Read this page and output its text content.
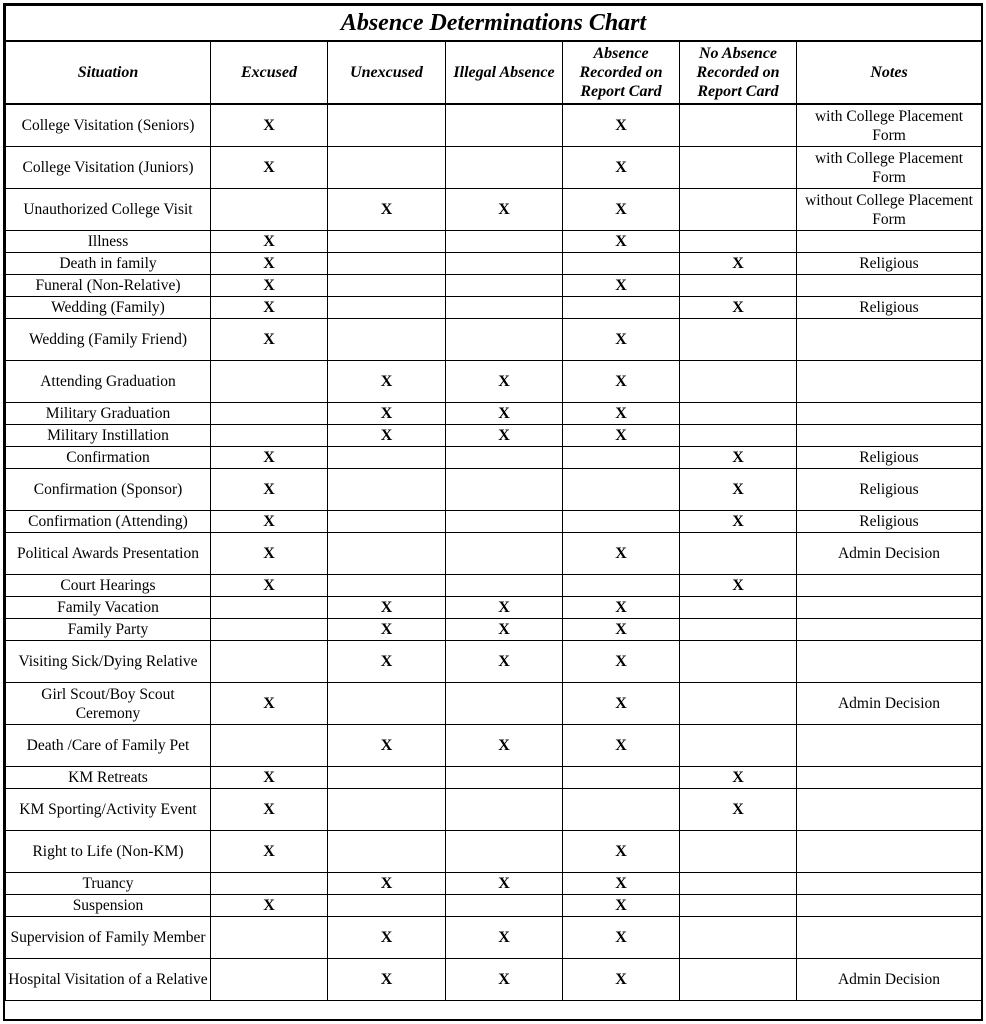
Absence Determinations Chart						
Situation	Excused	Unexcused	Illegal Absence	Absence Recorded on Report Card	No Absence Recorded on Report Card	Notes
College Visitation (Seniors)	X			X		with College Placement Form
College Visitation (Juniors)	X			X		with College Placement Form
Unauthorized College Visit		X	X	X		without College Placement Form
Illness	X			X		
Death in family	X				X	Religious
Funeral (Non-Relative)	X			X		
Wedding (Family)	X				X	Religious
Wedding (Family Friend)	X			X		
Attending Graduation		X	X	X		
Military Graduation		X	X	X		
Military Instillation		X	X	X		
Confirmation	X				X	Religious
Confirmation (Sponsor)	X				X	Religious
Confirmation (Attending)	X				X	Religious
Political Awards Presentation	X			X		Admin Decision
Court Hearings	X				X	
Family Vacation		X	X	X		
Family Party		X	X	X		
Visiting Sick/Dying Relative		X	X	X		
Girl Scout/Boy Scout Ceremony	X			X		Admin Decision
Death /Care of Family Pet		X	X	X		
KM Retreats	X				X	
KM Sporting/Activity Event	X				X	
Right to Life (Non-KM)	X			X		
Truancy		X	X	X		
Suspension	X			X		
Supervision of Family Member		X	X	X		
Hospital Visitation of a Relative		X	X	X		Admin Decision
